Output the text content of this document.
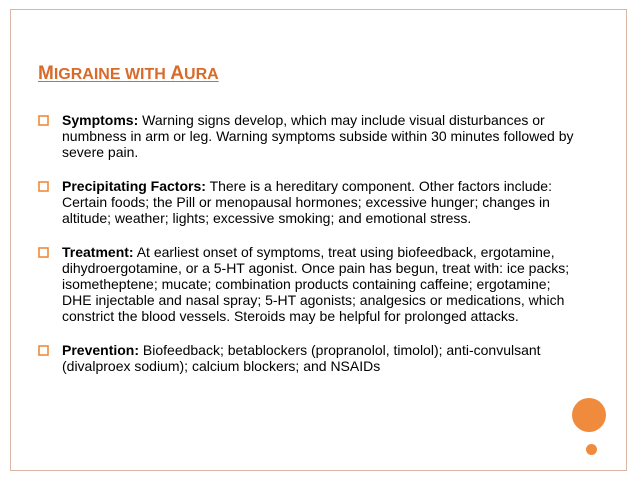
MIGRAINE WITH AURA
Symptoms: Warning signs develop, which may include visual disturbances or numbness in arm or leg. Warning symptoms subside within 30 minutes followed by severe pain.
Precipitating Factors: There is a hereditary component. Other factors include: Certain foods; the Pill or menopausal hormones; excessive hunger; changes in altitude; weather; lights; excessive smoking; and emotional stress.
Treatment: At earliest onset of symptoms, treat using biofeedback, ergotamine, dihydroergotamine, or a 5-HT agonist. Once pain has begun, treat with: ice packs; isometheptene; mucate; combination products containing caffeine; ergotamine; DHE injectable and nasal spray; 5-HT agonists; analgesics or medications, which constrict the blood vessels. Steroids may be helpful for prolonged attacks.
Prevention: Biofeedback; betablockers (propranolol, timolol); anti-convulsant (divalproex sodium); calcium blockers; and NSAIDs
